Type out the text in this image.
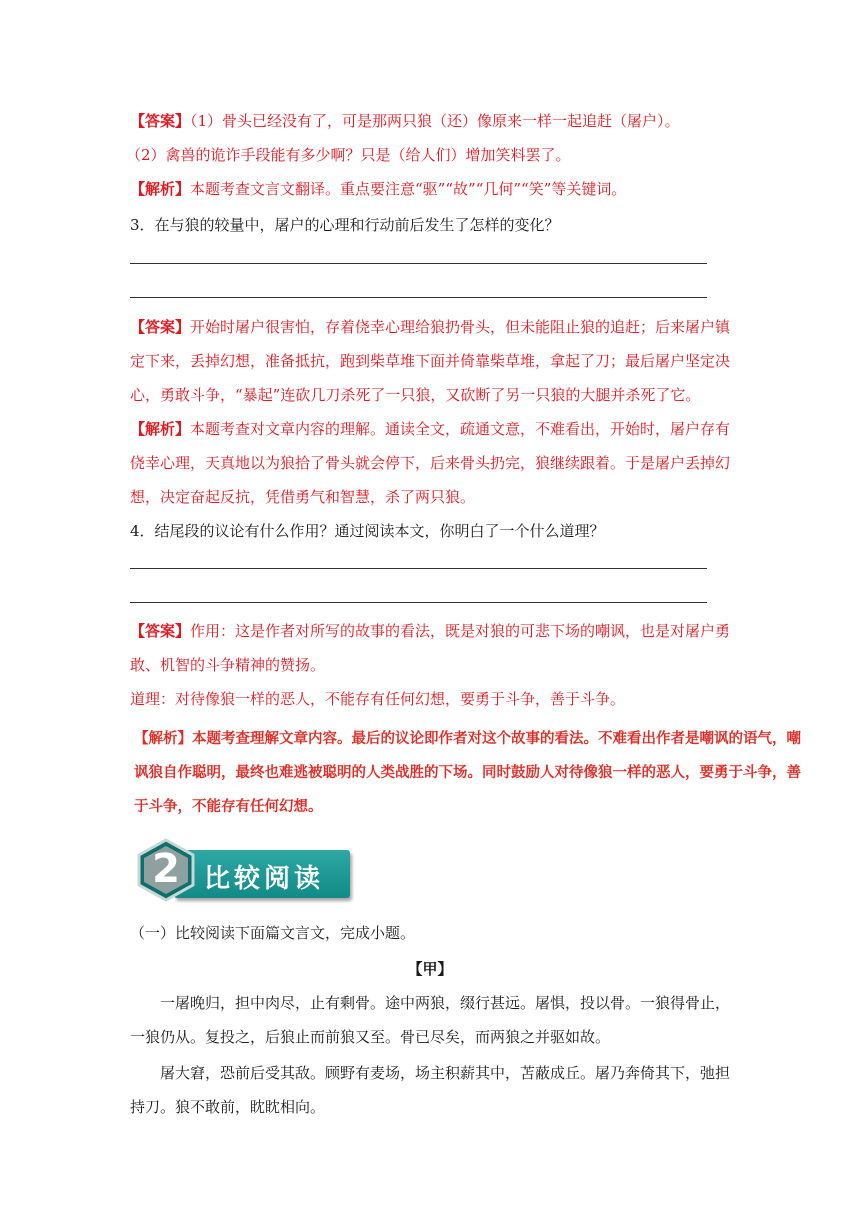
【答案】（1）骨头已经没有了，可是那两只狼（还）像原来一样一起追赶（屠户）。
（2）禽兽的诡诈手段能有多少啊？只是（给人们）增加笑料罢了。
【解析】本题考查文言文翻译。重点要注意“驱”“故”“几何”“笑”等关键词。
3．在与狼的较量中，屠户的心理和行动前后发生了怎样的变化？
【答案】开始时屠户很害怕，存着侥幸心理给狼扔骨头，但未能阻止狼的追赶；后来屠户镇
定下来，丢掉幻想，准备抵抗，跑到柴草堆下面并倚靠柴草堆，拿起了刀；最后屠户坚定决
心，勇敢斗争，“暴起”连砍几刀杀死了一只狼，又砍断了另一只狼的大腿并杀死了它。
【解析】本题考查对文章内容的理解。通读全文，疏通文意，不难看出，开始时，屠户存有
侥幸心理，天真地以为狼拾了骨头就会停下，后来骨头扔完，狼继续跟着。于是屠户丢掉幻
想，决定奋起反抗，凭借勇气和智慧，杀了两只狼。
4．结尾段的议论有什么作用？通过阅读本文，你明白了一个什么道理？
【答案】作用：这是作者对所写的故事的看法，既是对狼的可悲下场的嘲讽，也是对屠户勇
敢、机智的斗争精神的赞扬。
道理：对待像狼一样的恶人，不能存有任何幻想，要勇于斗争，善于斗争。
【解析】本题考查理解文章内容。最后的议论即作者对这个故事的看法。不难看出作者是嘲讽的语气，嘲
讽狼自作聪明，最终也难逃被聪明的人类战胜的下场。同时鼓励人对待像狼一样的恶人，要勇于斗争，善
于斗争，不能存有任何幻想。
2 比较阅读
（一）比较阅读下面篇文言文，完成小题。
【甲】
一屠晚归，担中肉尽，止有剩骨。途中两狼，缀行甚远。屠惧，投以骨。一狼得骨止，
一狼仍从。复投之，后狼止而前狼又至。骨已尽矣，而两狼之并驱如故。
屠大窘，恐前后受其敌。顾野有麦场，场主积薪其中，苫蔽成丘。屠乃奔倚其下，弛担
持刀。狼不敢前，眈眈相向。
